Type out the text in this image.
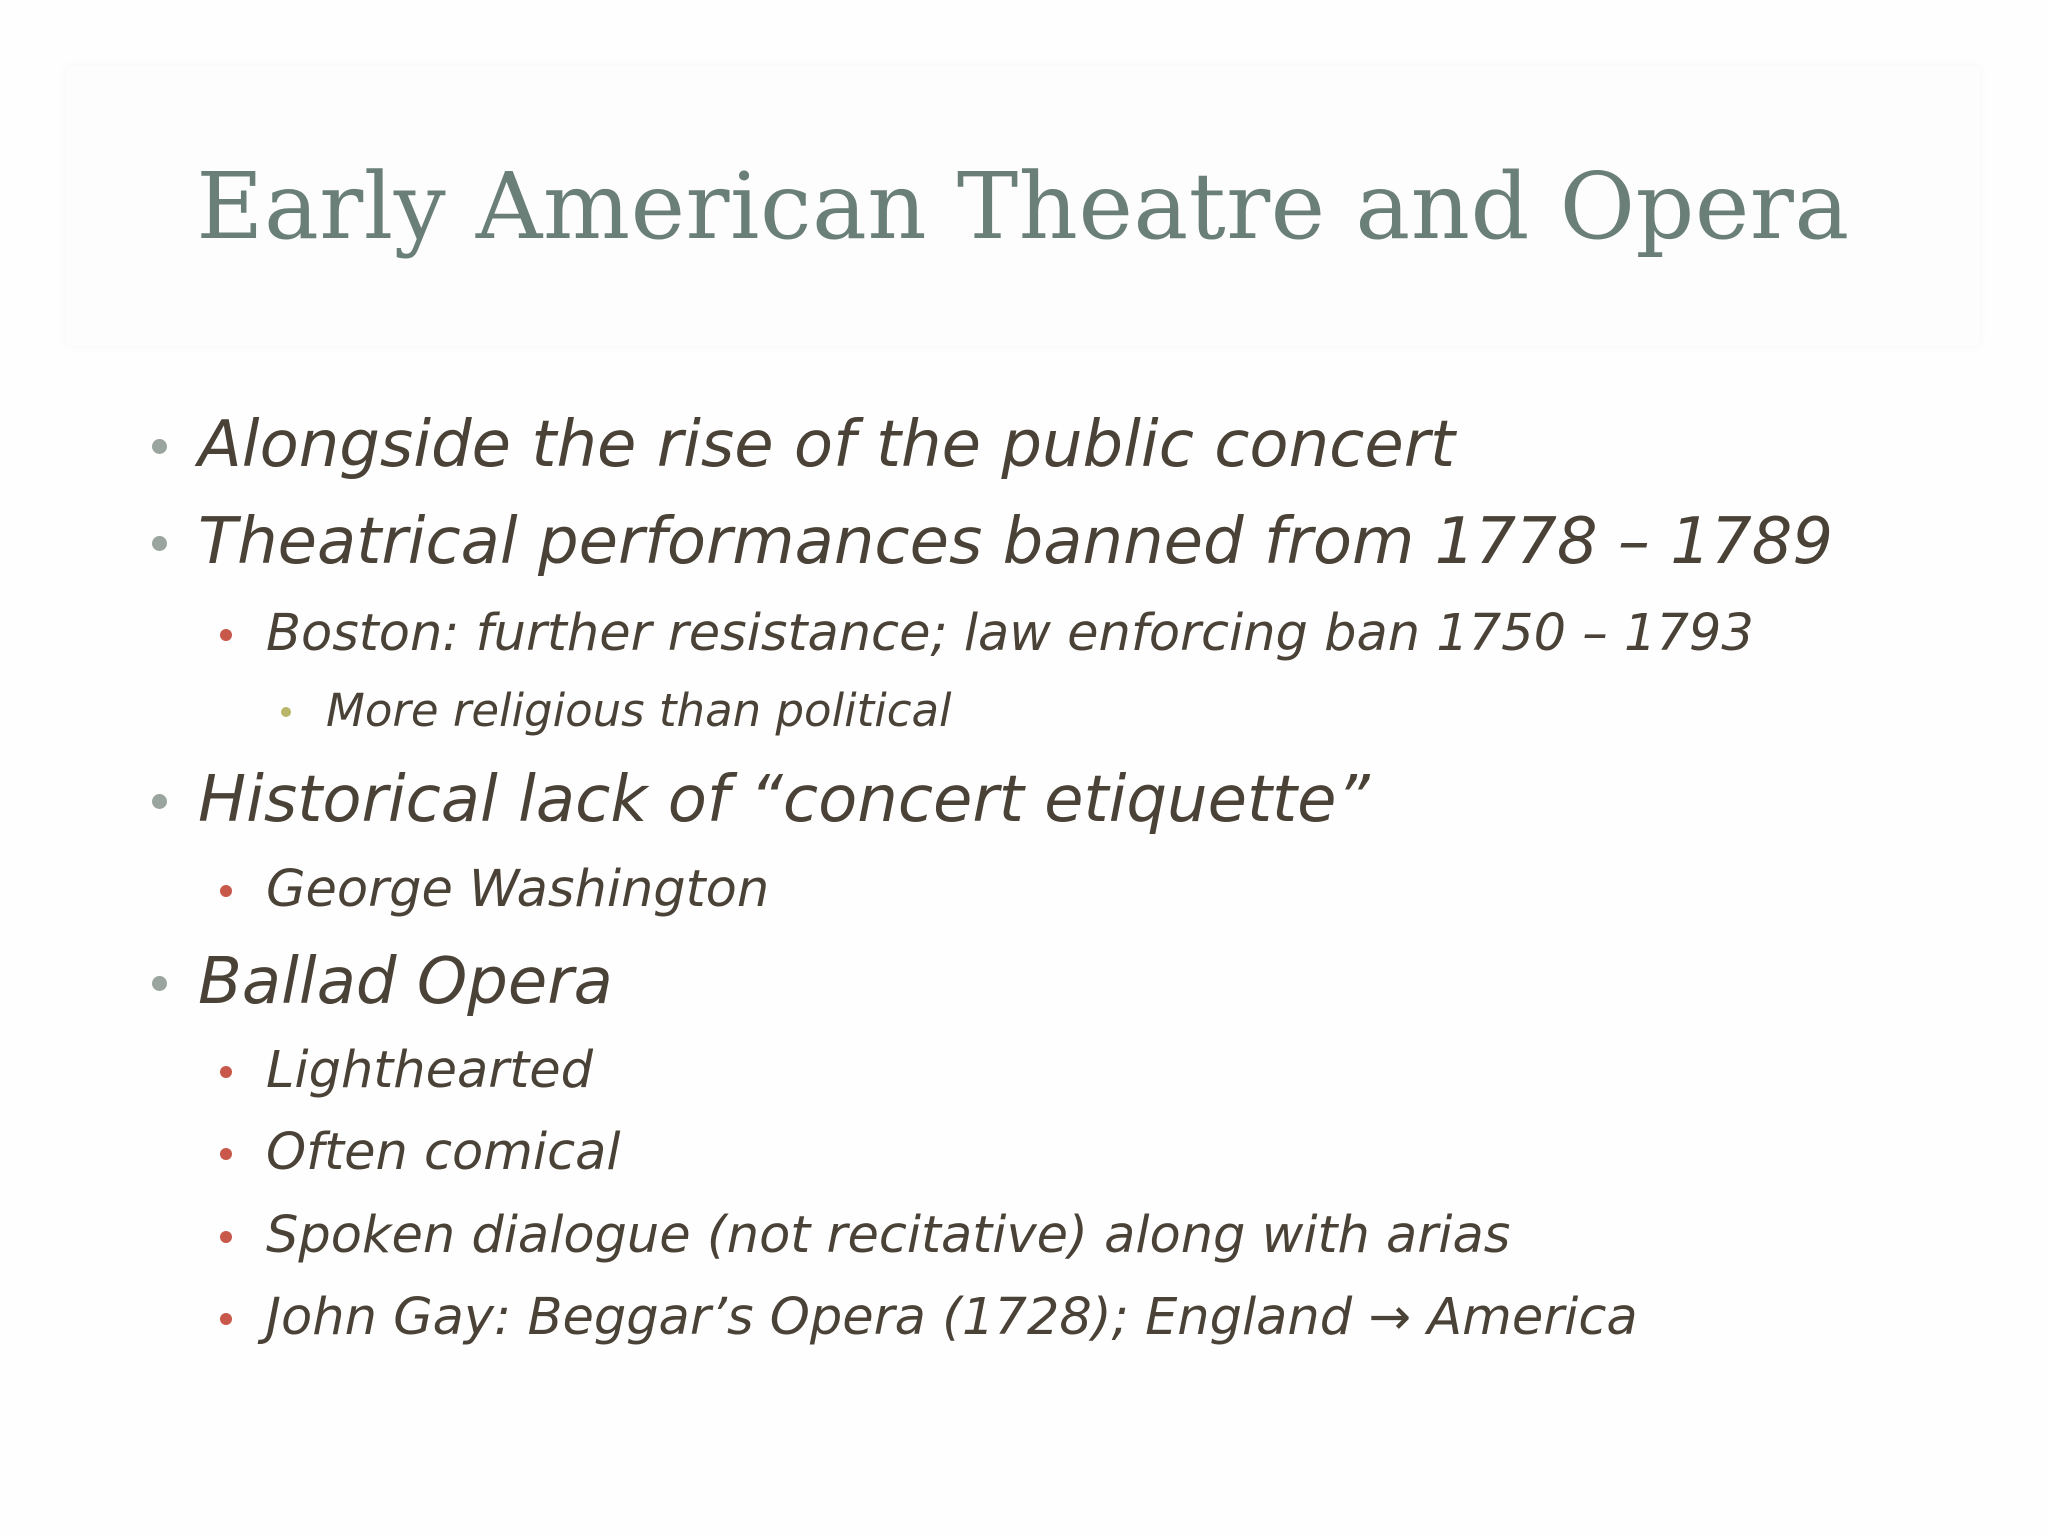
Early American Theatre and Opera
Alongside the rise of the public concert
Theatrical performances banned from 1778 – 1789
Boston: further resistance; law enforcing ban 1750 – 1793
More religious than political
Historical lack of “concert etiquette”
George Washington
Ballad Opera
Lighthearted
Often comical
Spoken dialogue (not recitative) along with arias
John Gay: Beggar’s Opera (1728); England → America
